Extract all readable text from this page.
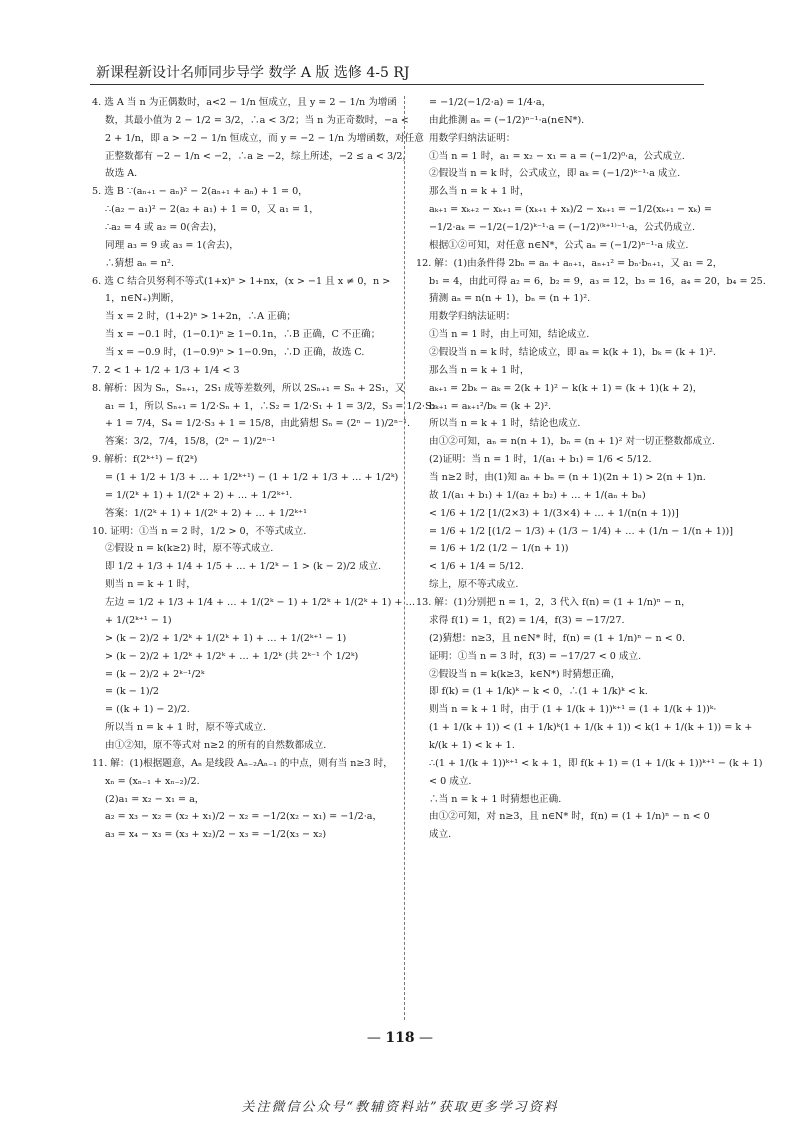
新课程新设计名师同步导学 数学 A 版 选修 4-5 RJ
4. 选 A 当 n 为正偶数时，a<2 − 1/n 恒成立，且 y = 2 − 1/n 为增函
数，其最小值为 2 − 1/2 = 3/2，∴a < 3/2；当 n 为正奇数时，−a <
2 + 1/n，即 a > −2 − 1/n 恒成立，而 y = −2 − 1/n 为增函数，对任意
正整数都有 −2 − 1/n < −2，∴a ≥ −2，综上所述，−2 ≤ a < 3/2，
故选 A.
5. 选 B ∵(aₙ₊₁ − aₙ)² − 2(aₙ₊₁ + aₙ) + 1 = 0，
∴(a₂ − a₁)² − 2(a₂ + a₁) + 1 = 0，又 a₁ = 1，
∴a₂ = 4 或 a₂ = 0(舍去)，
同理 a₃ = 9 或 a₃ = 1(舍去)，
∴猜想 aₙ = n².
6. 选 C 结合贝努利不等式(1+x)ⁿ > 1+nx，(x > −1 且 x ≠ 0，n >
1，n∈N₊)判断，
当 x = 2 时，(1+2)ⁿ > 1+2n，∴A 正确；
当 x = −0.1 时，(1−0.1)ⁿ ≥ 1−0.1n，∴B 正确，C 不正确；
当 x = −0.9 时，(1−0.9)ⁿ > 1−0.9n，∴D 正确，故选 C.
7. 2 < 1 + 1/2 + 1/3 + 1/4 < 3
8. 解析：因为 Sₙ，Sₙ₊₁，2S₁ 成等差数列，所以 2Sₙ₊₁ = Sₙ + 2S₁，又
a₁ = 1，所以 Sₙ₊₁ = 1/2·Sₙ + 1，∴S₂ = 1/2·S₁ + 1 = 3/2，S₃ = 1/2·S₂
+ 1 = 7/4，S₄ = 1/2·S₃ + 1 = 15/8，由此猜想 Sₙ = (2ⁿ − 1)/2ⁿ⁻¹.
答案：3/2，7/4，15/8，(2ⁿ − 1)/2ⁿ⁻¹
9. 解析：f(2ᵏ⁺¹) − f(2ᵏ)
= (1 + 1/2 + 1/3 + … + 1/2ᵏ⁺¹) − (1 + 1/2 + 1/3 + … + 1/2ᵏ)
= 1/(2ᵏ + 1) + 1/(2ᵏ + 2) + … + 1/2ᵏ⁺¹.
答案：1/(2ᵏ + 1) + 1/(2ᵏ + 2) + … + 1/2ᵏ⁺¹
10. 证明：①当 n = 2 时，1/2 > 0，不等式成立.
②假设 n = k(k≥2) 时，原不等式成立.
即 1/2 + 1/3 + 1/4 + 1/5 + … + 1/2ᵏ − 1 > (k − 2)/2 成立.
则当 n = k + 1 时，
左边 = 1/2 + 1/3 + 1/4 + … + 1/(2ᵏ − 1) + 1/2ᵏ + 1/(2ᵏ + 1) + …
+ 1/(2ᵏ⁺¹ − 1)
> (k − 2)/2 + 1/2ᵏ + 1/(2ᵏ + 1) + … + 1/(2ᵏ⁺¹ − 1)
> (k − 2)/2 + 1/2ᵏ + 1/2ᵏ + … + 1/2ᵏ (共 2ᵏ⁻¹ 个 1/2ᵏ)
= (k − 2)/2 + 2ᵏ⁻¹/2ᵏ
= (k − 1)/2
= ((k + 1) − 2)/2.
所以当 n = k + 1 时，原不等式成立.
由①②知，原不等式对 n≥2 的所有的自然数都成立.
11. 解：(1)根据题意，Aₙ 是线段 Aₙ₋₂Aₙ₋₁ 的中点，则有当 n≥3 时，
xₙ = (xₙ₋₁ + xₙ₋₂)/2.
(2)a₁ = x₂ − x₁ = a，
a₂ = x₃ − x₂ = (x₂ + x₁)/2 − x₂ = −1/2(x₂ − x₁) = −1/2·a，
a₃ = x₄ − x₃ = (x₃ + x₂)/2 − x₃ = −1/2(x₃ − x₂)
= −1/2(−1/2·a) = 1/4·a，
由此推测 aₙ = (−1/2)ⁿ⁻¹·a(n∈N*).
用数学归纳法证明：
①当 n = 1 时，a₁ = x₂ − x₁ = a = (−1/2)⁰·a，公式成立.
②假设当 n = k 时，公式成立，即 aₖ = (−1/2)ᵏ⁻¹·a 成立.
那么当 n = k + 1 时，
aₖ₊₁ = xₖ₊₂ − xₖ₊₁ = (xₖ₊₁ + xₖ)/2 − xₖ₊₁ = −1/2(xₖ₊₁ − xₖ) =
−1/2·aₖ = −1/2(−1/2)ᵏ⁻¹·a = (−1/2)⁽ᵏ⁺¹⁾⁻¹·a，公式仍成立.
根据①②可知，对任意 n∈N*，公式 aₙ = (−1/2)ⁿ⁻¹·a 成立.
12. 解：(1)由条件得 2bₙ = aₙ + aₙ₊₁，aₙ₊₁² = bₙ·bₙ₊₁，又 a₁ = 2，
b₁ = 4，由此可得 a₂ = 6，b₂ = 9，a₃ = 12，b₃ = 16，a₄ = 20，b₄ = 25.
猜测 aₙ = n(n + 1)，bₙ = (n + 1)².
用数学归纳法证明：
①当 n = 1 时，由上可知，结论成立.
②假设当 n = k 时，结论成立，即 aₖ = k(k + 1)，bₖ = (k + 1)².
那么当 n = k + 1 时，
aₖ₊₁ = 2bₖ − aₖ = 2(k + 1)² − k(k + 1) = (k + 1)(k + 2)，
bₖ₊₁ = aₖ₊₁²/bₖ = (k + 2)².
所以当 n = k + 1 时，结论也成立.
由①②可知，aₙ = n(n + 1)，bₙ = (n + 1)² 对一切正整数都成立.
(2)证明：当 n = 1 时，1/(a₁ + b₁) = 1/6 < 5/12.
当 n≥2 时，由(1)知 aₙ + bₙ = (n + 1)(2n + 1) > 2(n + 1)n.
故 1/(a₁ + b₁) + 1/(a₂ + b₂) + … + 1/(aₙ + bₙ)
< 1/6 + 1/2 [1/(2×3) + 1/(3×4) + … + 1/(n(n + 1))]
= 1/6 + 1/2 [(1/2 − 1/3) + (1/3 − 1/4) + … + (1/n − 1/(n + 1))]
= 1/6 + 1/2 (1/2 − 1/(n + 1))
< 1/6 + 1/4 = 5/12.
综上，原不等式成立.
13. 解：(1)分别把 n = 1，2，3 代入 f(n) = (1 + 1/n)ⁿ − n，
求得 f(1) = 1，f(2) = 1/4，f(3) = −17/27.
(2)猜想：n≥3，且 n∈N* 时，f(n) = (1 + 1/n)ⁿ − n < 0.
证明：①当 n = 3 时，f(3) = −17/27 < 0 成立.
②假设当 n = k(k≥3，k∈N*) 时猜想正确，
即 f(k) = (1 + 1/k)ᵏ − k < 0，∴(1 + 1/k)ᵏ < k.
则当 n = k + 1 时，由于 (1 + 1/(k + 1))ᵏ⁺¹ = (1 + 1/(k + 1))ᵏ·
(1 + 1/(k + 1)) < (1 + 1/k)ᵏ(1 + 1/(k + 1)) < k(1 + 1/(k + 1)) = k +
k/(k + 1) < k + 1.
∴(1 + 1/(k + 1))ᵏ⁺¹ < k + 1，即 f(k + 1) = (1 + 1/(k + 1))ᵏ⁺¹ − (k + 1)
< 0 成立.
∴当 n = k + 1 时猜想也正确.
由①②可知，对 n≥3，且 n∈N* 时，f(n) = (1 + 1/n)ⁿ − n < 0
成立.
— 118 —
关注微信公众号“教辅资料站”获取更多学习资料
